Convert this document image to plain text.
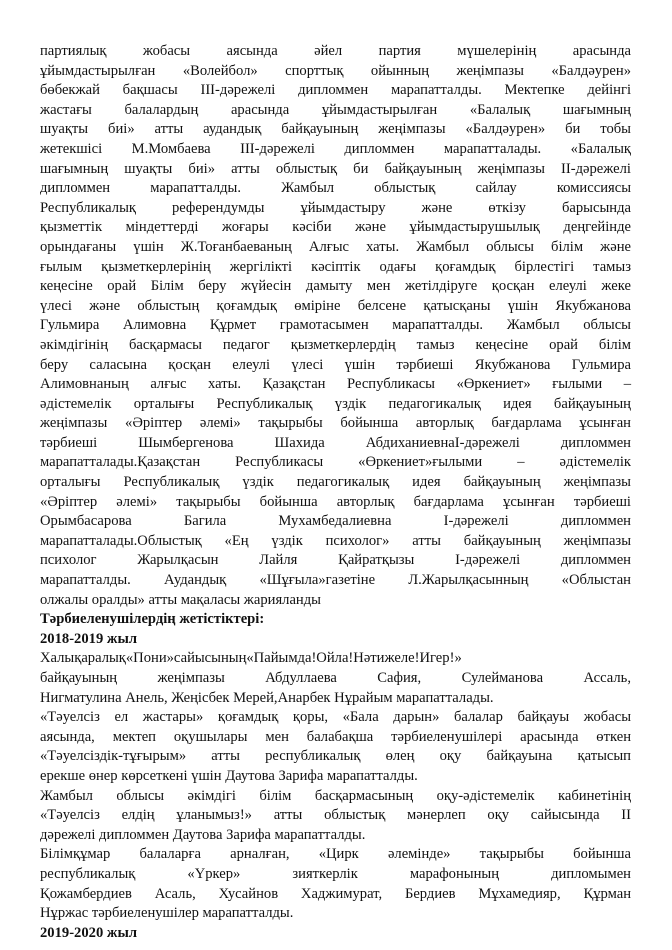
партиялық жобасы аясында әйел партия мүшелерінің арасында
ұйымдастырылған «Волейбол» спорттық ойынның жеңімпазы «Балдәурен»
бөбекжай бақшасы ІІІ-дәрежелі дипломмен марапатталды. Мектепке дейінгі
жастағы балалардың арасында ұйымдастырылған «Балалық шағымның
шуақты биі» атты аудандық байқауының жеңімпазы «Балдәурен» би тобы
жетекшісі М.Момбаева ІІІ-дәрежелі дипломмен марапатталады. «Балалық
шағымның шуақты биі» атты облыстық би байқауының жеңімпазы ІІ-дәрежелі
дипломмен марапатталды. Жамбыл облыстық сайлау комиссиясы
Республикалық референдумды ұйымдастыру және өткізу барысында
қызметтік міндеттерді жоғары кәсіби және ұйымдастырушылық деңгейінде
орындағаны үшін Ж.Тоғанбаеваның Алғыс хаты. Жамбыл облысы білім және
ғылым қызметкерлерінің жергілікті кәсіптік одағы қоғамдық бірлестігі тамыз
кеңесіне орай Білім беру жүйесін дамыту мен жетілдіруге қосқан елеулі жеке
үлесі және облыстың қоғамдық өміріне белсене қатысқаны үшін Якубжанова
Гульмира Алимовна Құрмет грамотасымен марапатталды. Жамбыл облысы
әкімдігінің басқармасы педагог қызметкерлердің тамыз кеңесіне орай білім
беру саласына қосқан елеулі үлесі үшін тәрбиеші Якубжанова Гульмира
Алимовнаның алғыс хаты. Қазақстан Республикасы «Өркениет» ғылыми –
әдістемелік орталығы Республикалық үздік педагогикалық идея байқауының
жеңімпазы «Әріптер әлемі» тақырыбы бойынша авторлық бағдарлама ұсынған
тәрбиеші Шымбергенова Шахида АбдиханиевнаІ-дәрежелі дипломмен
марапатталады.Қазақстан Республикасы «Өркениет»ғылыми – әдістемелік
орталығы Республикалық үздік педагогикалық идея байқауының жеңімпазы
«Әріптер әлемі» тақырыбы бойынша авторлық бағдарлама ұсынған тәрбиеші
Орымбасарова Багила Мухамбедалиевна І-дәрежелі дипломмен
марапатталады.Облыстық «Ең үздік психолог» атты байқауының жеңімпазы
психолог Жарылқасын Лайля Қайратқызы І-дәрежелі дипломмен
марапатталды. Аудандық «Шұғыла»газетіне Л.Жарылқасынның «Облыстан
олжалы оралды» атты мақаласы жарияланды

Тәрбиеленушілердің жетістіктері:

2018-2019 жыл

Халықаралық«Пони»сайысының«Пайымда!Ойла!Нәтижеле!Игер!»

байқауының жеңімпазы Абдуллаева Сафия, Сулейманова Ассаль,
Нигматулина Анель, Жеңісбек Мерей,Анарбек Нұрайым марапатталады.
«Тәуелсіз ел жастары» қоғамдық қоры, «Бала дарын» балалар байқауы жобасы
аясында, мектеп оқушылары мен балабақша тәрбиеленушілері арасында өткен
«Тәуелсіздік-тұғырым» атты республикалық өлең оқу байқауына қатысып
ерекше өнер көрсеткені үшін Даутова Зарифа марапатталды.
Жамбыл облысы әкімдігі білім басқармасының оқу-әдістемелік кабинетінің
«Тәуелсіз елдің ұланымыз!» атты облыстық мәнерлеп оқу сайысында ІІ
дәрежелі дипломмен Даутова Зарифа марапатталды.
Білімқұмар балаларға арналған, «Цирк әлемінде» тақырыбы бойынша
республикалық «Үркер» зияткерлік марафонының дипломымен
Қожамбердиев Асаль, Хусайнов Хаджимурат, Бердиев Мұхамедияр, Құрман
Нұржас тәрбиеленушілер марапатталды.

2019-2020 жыл
